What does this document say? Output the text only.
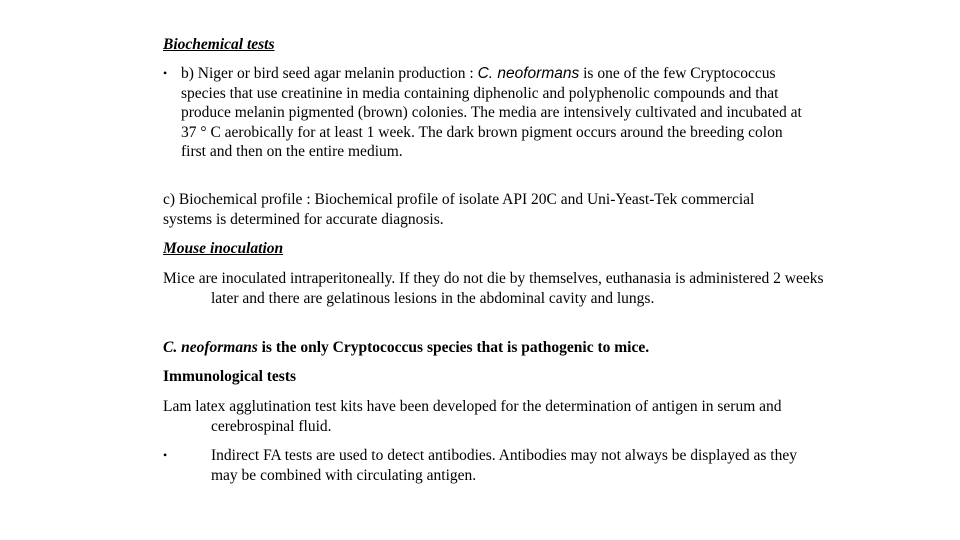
Biochemical tests
• b) Niger or bird seed agar melanin production : C. neoformans is one of the few Cryptococcus species that use creatinine in media containing diphenolic and polyphenolic compounds and that produce melanin pigmented (brown) colonies. The media are intensively cultivated and incubated at 37 ° C aerobically for at least 1 week. The dark brown pigment occurs around the breeding colon first and then on the entire medium.
c) Biochemical profile : Biochemical profile of isolate API 20C and Uni-Yeast-Tek commercial systems is determined for accurate diagnosis.
Mouse inoculation
Mice are inoculated intraperitoneally. If they do not die by themselves, euthanasia is administered 2 weeks later and there are gelatinous lesions in the abdominal cavity and lungs.
C. neoformans is the only Cryptococcus species that is pathogenic to mice.
Immunological tests
Lam latex agglutination test kits have been developed for the determination of antigen in serum and cerebrospinal fluid.
•	Indirect FA tests are used to detect antibodies. Antibodies may not always be displayed as they may be combined with circulating antigen.
